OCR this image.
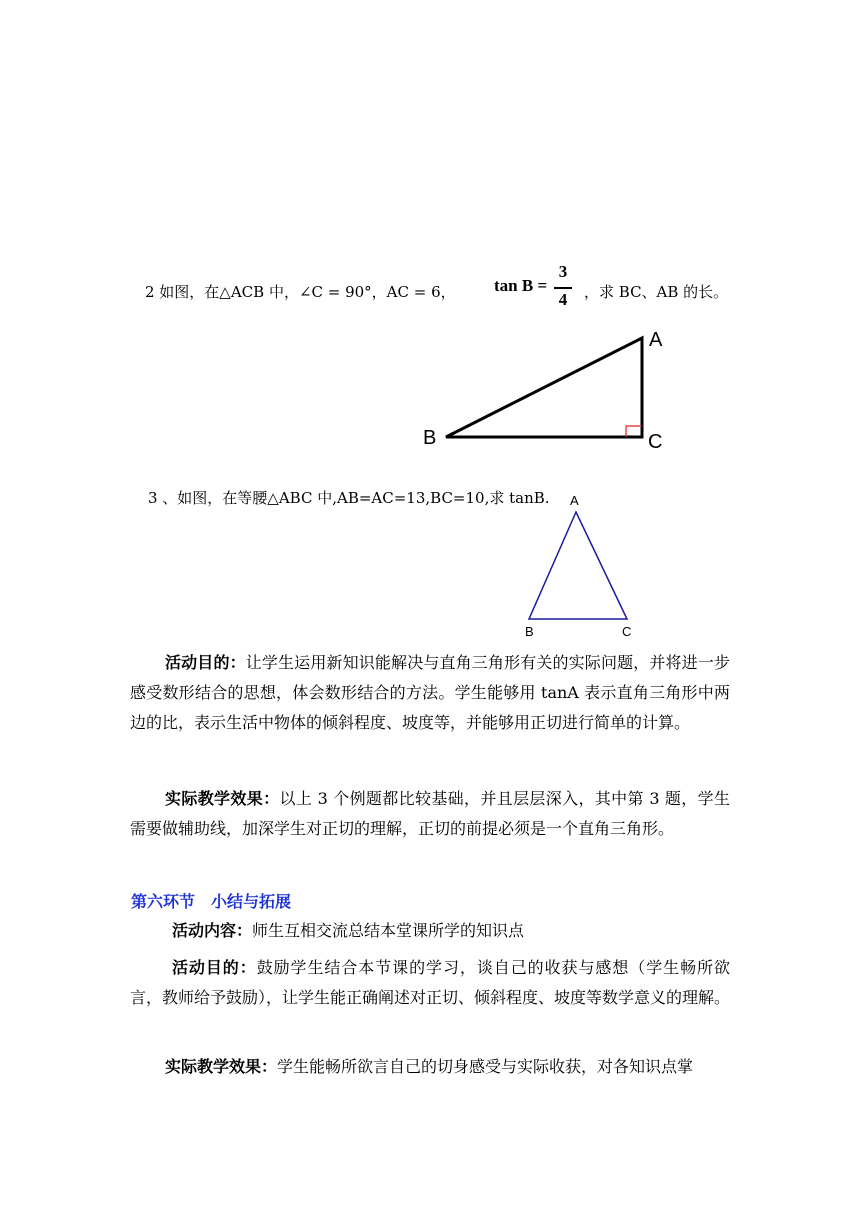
2 如图，在△ACB 中，∠C = 90°，AC = 6， tan B =
3
4 ，求 BC、AB 的长。
A
B	C
A
B	C
3 、如图，在等腰△ABC 中,AB=AC=13,BC=10,求 tanB.
活动目的：让学生运用新知识能解决与直角三角形有关的实际问题，并将进一步感受数形结合的思想，体会数形结合的方法。学生能够用 tanA 表示直角三角形中两边的比，表示生活中物体的倾斜程度、坡度等，并能够用正切进行简单的计算。
实际教学效果：以上 3 个例题都比较基础，并且层层深入，其中第 3 题，学生需要做辅助线，加深学生对正切的理解，正切的前提必须是一个直角三角形。
第六环节　小结与拓展
活动内容：师生互相交流总结本堂课所学的知识点
活动目的：鼓励学生结合本节课的学习，谈自己的收获与感想（学生畅所欲言，教师给予鼓励），让学生能正确阐述对正切、倾斜程度、坡度等数学意义的理解。
实际教学效果：学生能畅所欲言自己的切身感受与实际收获，对各知识点掌
